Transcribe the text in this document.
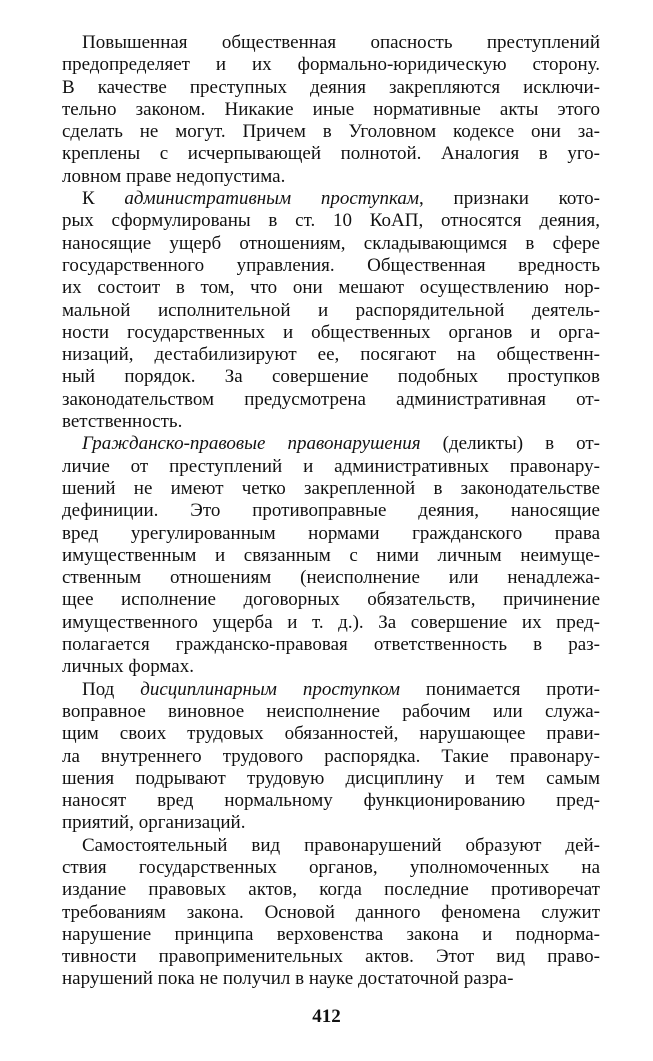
Повышенная общественная опасность преступлений
предопределяет и их формально-юридическую сторону.
В качестве преступных деяния закрепляются исключи-
тельно законом. Никакие иные нормативные акты этого
сделать не могут. Причем в Уголовном кодексе они за-
креплены с исчерпывающей полнотой. Аналогия в уго-
ловном праве недопустима.
К административным проступкам, признаки кото-
рых сформулированы в ст. 10 КоАП, относятся деяния,
наносящие ущерб отношениям, складывающимся в сфере
государственного управления. Общественная вредность
их состоит в том, что они мешают осуществлению нор-
мальной исполнительной и распорядительной деятель-
ности государственных и общественных органов и орга-
низаций, дестабилизируют ее, посягают на общественн-
ный порядок. За совершение подобных проступков
законодательством предусмотрена административная от-
ветственность.
Гражданско-правовые правонарушения (деликты) в от-
личие от преступлений и административных правонару-
шений не имеют четко закрепленной в законодательстве
дефиниции. Это противоправные деяния, наносящие
вред урегулированным нормами гражданского права
имущественным и связанным с ними личным неимуще-
ственным отношениям (неисполнение или ненадлежа-
щее исполнение договорных обязательств, причинение
имущественного ущерба и т. д.). За совершение их пред-
полагается гражданско-правовая ответственность в раз-
личных формах.
Под дисциплинарным проступком понимается проти-
воправное виновное неисполнение рабочим или служа-
щим своих трудовых обязанностей, нарушающее прави-
ла внутреннего трудового распорядка. Такие правонару-
шения подрывают трудовую дисциплину и тем самым
наносят вред нормальному функционированию пред-
приятий, организаций.
Самостоятельный вид правонарушений образуют дей-
ствия государственных органов, уполномоченных на
издание правовых актов, когда последние противоречат
требованиям закона. Основой данного феномена служит
нарушение принципа верховенства закона и поднорма-
тивности правоприменительных актов. Этот вид право-
нарушений пока не получил в науке достаточной разра-
412
